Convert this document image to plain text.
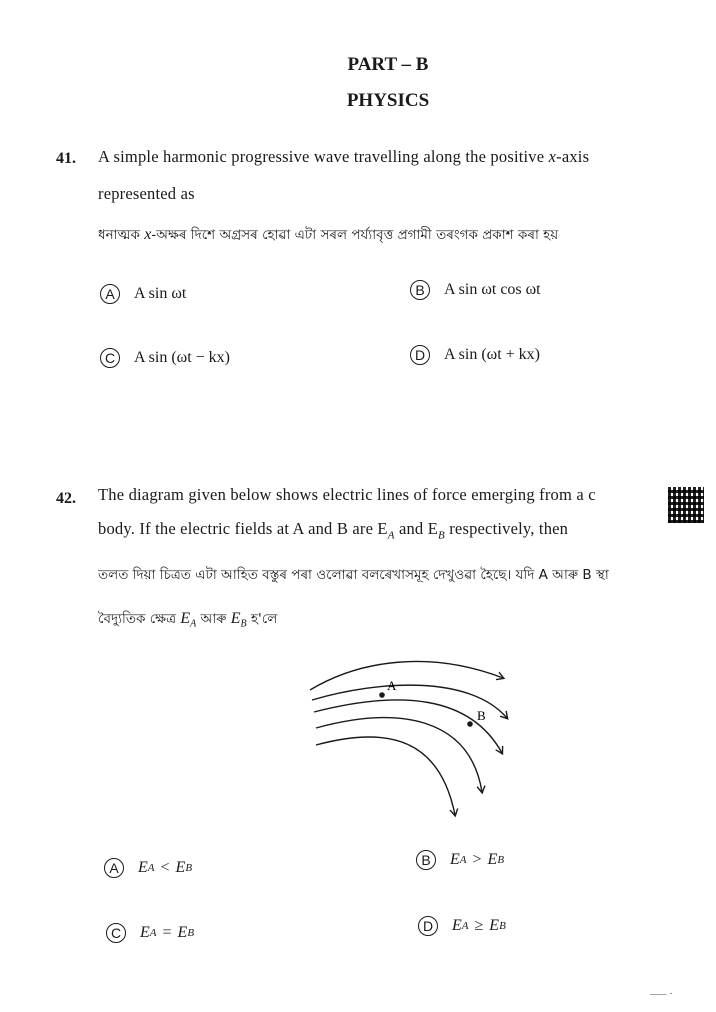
PART – B
PHYSICS
41. A simple harmonic progressive wave travelling along the positive x-axis
represented as
ধনাত্মক x-অক্ষৰ দিশে অগ্রসৰ হোৱা এটা সৰল পৰ্য্যাবৃত্ত প্ৰগামী তৰংগক প্ৰকাশ কৰা হয়
A	A sin ωt	B	A sin ωt cos ωt
C	A sin (ωt − kx)	D	A sin (ωt + kx)
42. The diagram given below shows electric lines of force emerging from a c
body. If the electric fields at A and B are $E_A$ and $E_B$ respectively, then
তলত দিয়া চিত্ৰত এটা আহিত বস্তুৰ পৰা ওলোৱা বলৰেখাসমূহ দেখুওৱা হৈছে। যদি A আৰু B স্থা
বৈদ্যুতিক ক্ষেত্ৰ $E_A$ আৰু $E_B$ হ'লে
A
B
A	E A < E B	B	E A > E B
C	E A = E B	D	E A ≥ E B
––– ·
